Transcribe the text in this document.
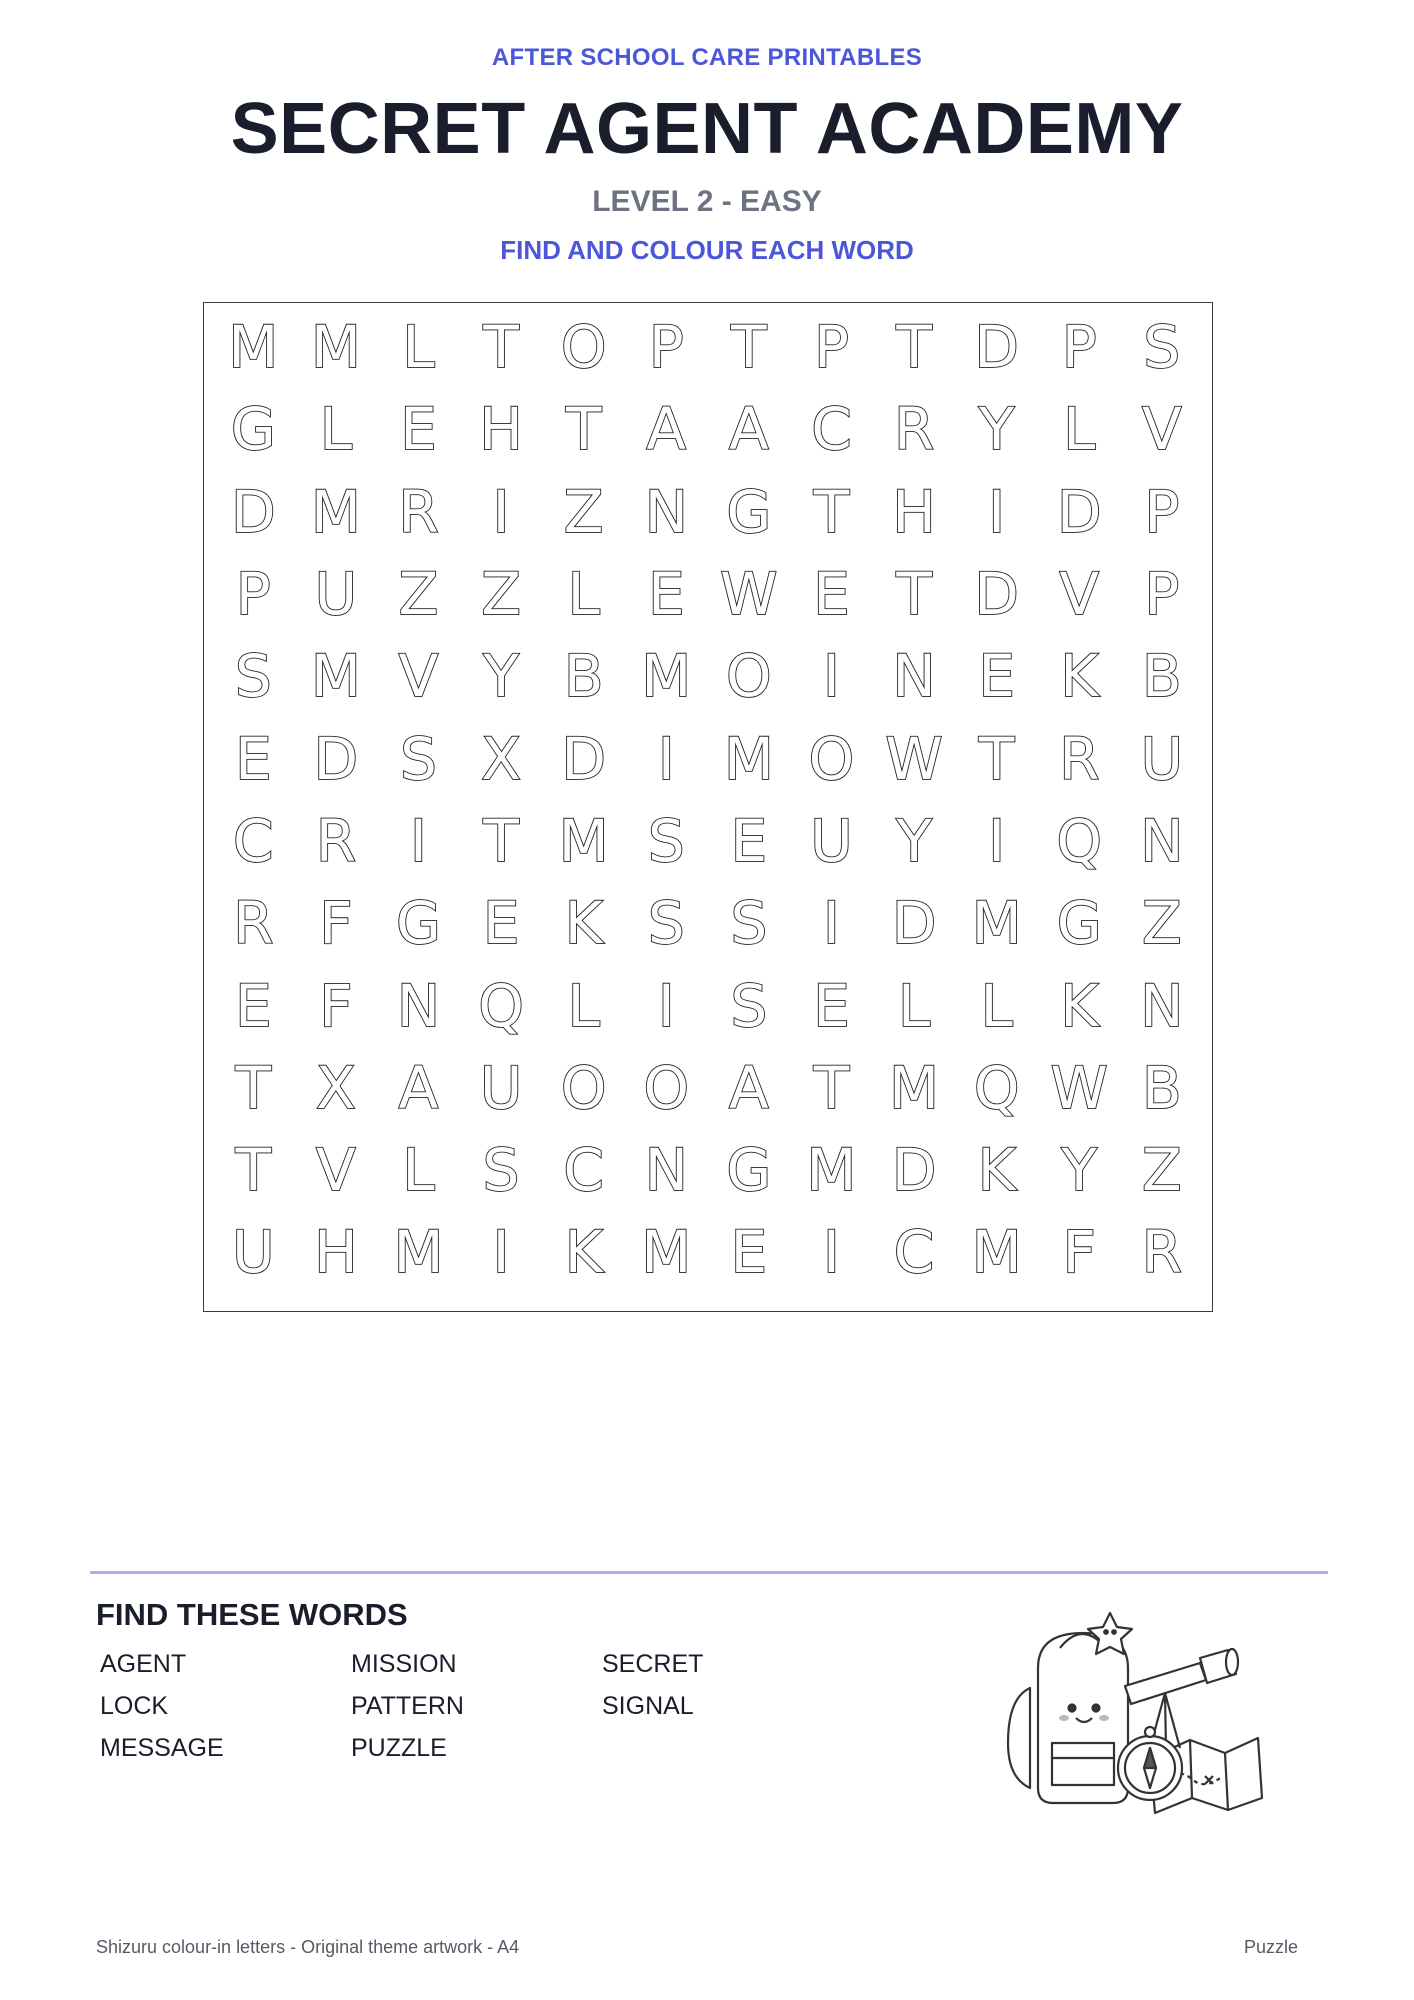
AFTER SCHOOL CARE PRINTABLES
SECRET AGENT ACADEMY
LEVEL 2 - EASY
FIND AND COLOUR EACH WORD
M M L T O P T P T D P S
G L E H T A A C R Y L V
D M R I Z N G T H I D P
P U Z Z L E W E T D V P
S M V Y B M O I N E K B
E D S X D I M O W T R U
C R I T M S E U Y I Q N
R F G E K S S I D M G Z
E F N Q L I S E L L K N
T X A U O O A T M Q W B
T V L S C N G M D K Y Z
U H M I K M E I C M F R
FIND THESE WORDS
AGENT	MISSION	SECRET
LOCK	PATTERN	SIGNAL
MESSAGE	PUZZLE
Shizuru colour-in letters - Original theme artwork - A4	Puzzle
